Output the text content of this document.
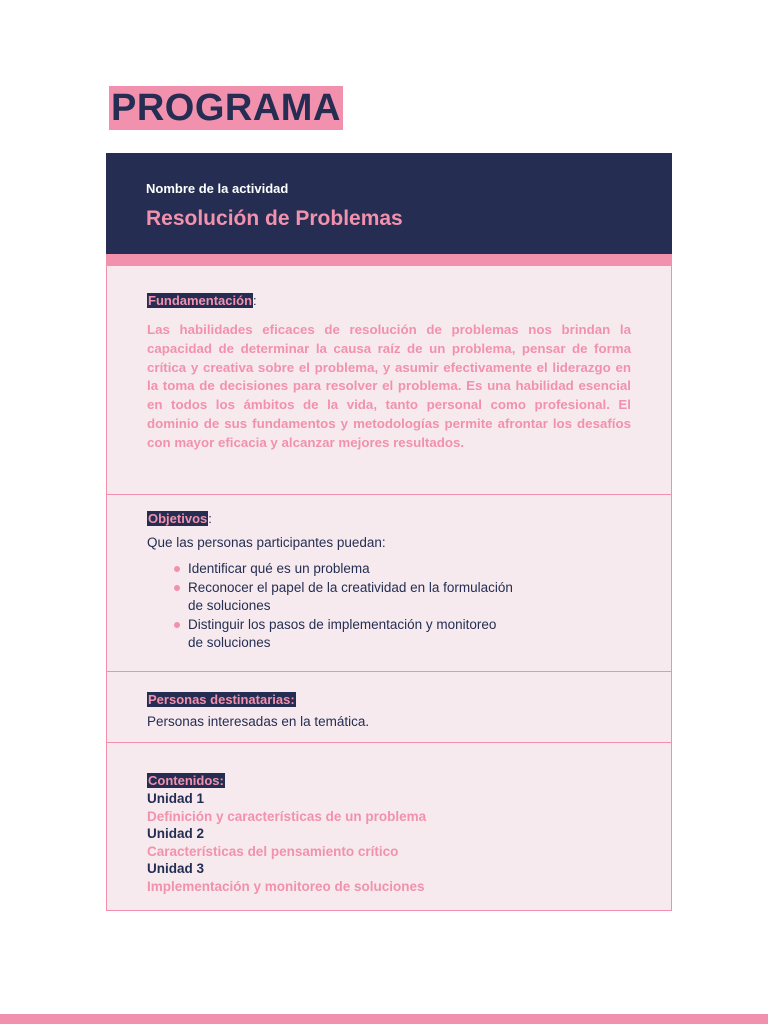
PROGRAMA
Nombre de la actividad
Resolución de Problemas
Fundamentación:
Las habilidades eficaces de resolución de problemas nos brindan la capacidad de determinar la causa raíz de un problema, pensar de forma crítica y creativa sobre el problema, y asumir efectivamente el liderazgo en la toma de decisiones para resolver el problema. Es una habilidad esencial en todos los ámbitos de la vida, tanto personal como profesional. El dominio de sus fundamentos y metodologías permite afrontar los desafíos con mayor eficacia y alcanzar mejores resultados.
Objetivos:
Que las personas participantes puedan:
Identificar qué es un problema
Reconocer el papel de la creatividad en la formulación
de soluciones
Distinguir los pasos de implementación y monitoreo
de soluciones
Personas destinatarias:
Personas interesadas en la temática.
Contenidos:
Unidad 1
Definición y características de un problema
Unidad 2
Características del pensamiento crítico
Unidad 3
Implementación y monitoreo de soluciones
